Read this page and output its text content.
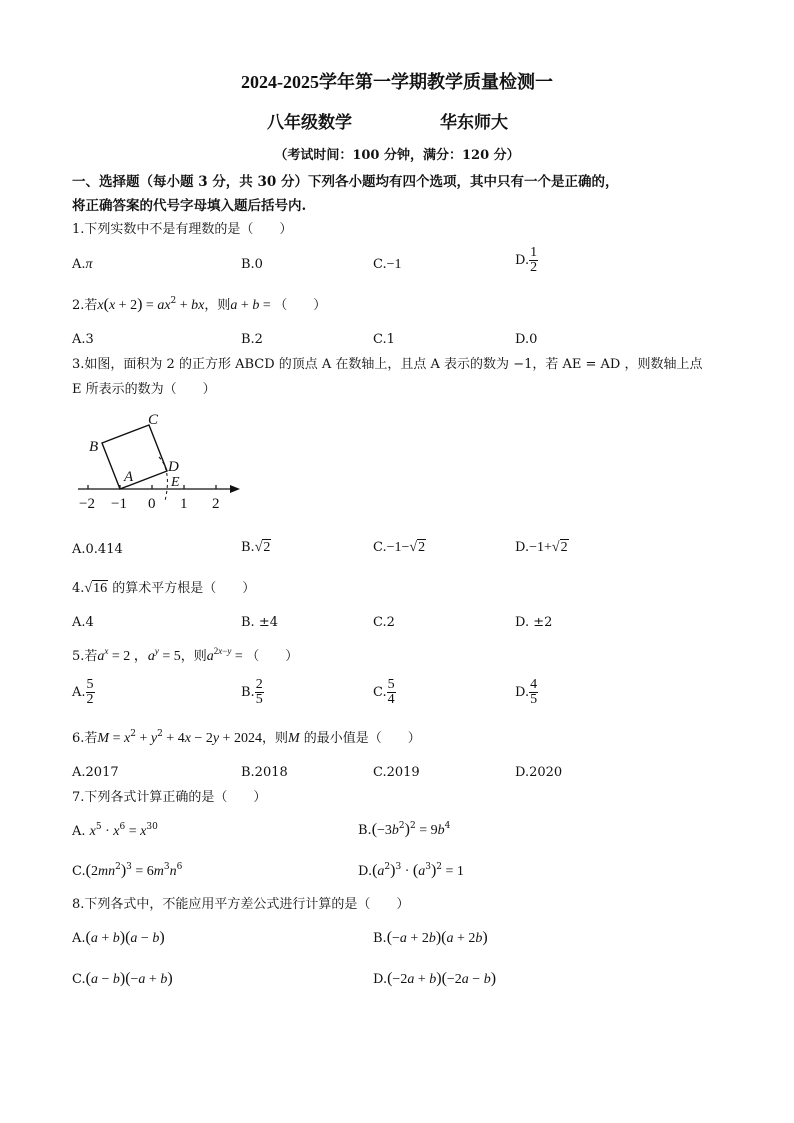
2024-2025学年第一学期教学质量检测一
八年级数学	华东师大
（考试时间：100 分钟，满分：120 分）
一、选择题（每小题 3 分，共 30 分）下列各小题均有四个选项，其中只有一个是正确的，
将正确答案的代号字母填入题后括号内.
1.下列实数中不是有理数的是（　　）
A.π	B.0	C.−1	D. $\frac{1}{2}$
2.若$x(x + 2) = ax^2$ + bx，则a + b = （　　）
A.3	B.2	C.1	D.0
3.如图，面积为 2 的正方形 ABCD 的顶点 A 在数轴上，且点 A 表示的数为 −1，若 AE = AD ，则数轴上点
E 所表示的数为（　　）
B
C
A
D
E
−2 −1 0 1 2
A.0.414	B.√2	C.−1−√2	D.−1+√2
4.√16 的算术平方根是（　　）
A.4	B. ±4	C.2	D. ±2
5.若$a^x = 2$ ，$a^y = 5$，则$a^{2x-y}$ = （　　）
A. $\frac{5}{2}$	B. $\frac{2}{5}$	C. $\frac{5}{4}$	D. $\frac{4}{5}$
6.若$M = x^2 + y^2 + 4x - 2y + 2024$，则M 的最小值是（　　）
A.2017	B.2018	C.2019	D.2020
7.下列各式计算正确的是（　　）
A. $x^5 \cdot x^6 = x^{30}$	$B.(-3b^2)^2 = 9b^4$
$C.(2mn^2)^3 = 6m^3n^6$	$D.(a^2)^3 \cdot (a^3)^2 = 1$
8.下列各式中，不能应用平方差公式进行计算的是（　　）
A.(a + b)(a − b)	B.(−a + 2b)(a + 2b)
C.(a − b)(−a + b)	D.(−2a + b)(−2a − b)
